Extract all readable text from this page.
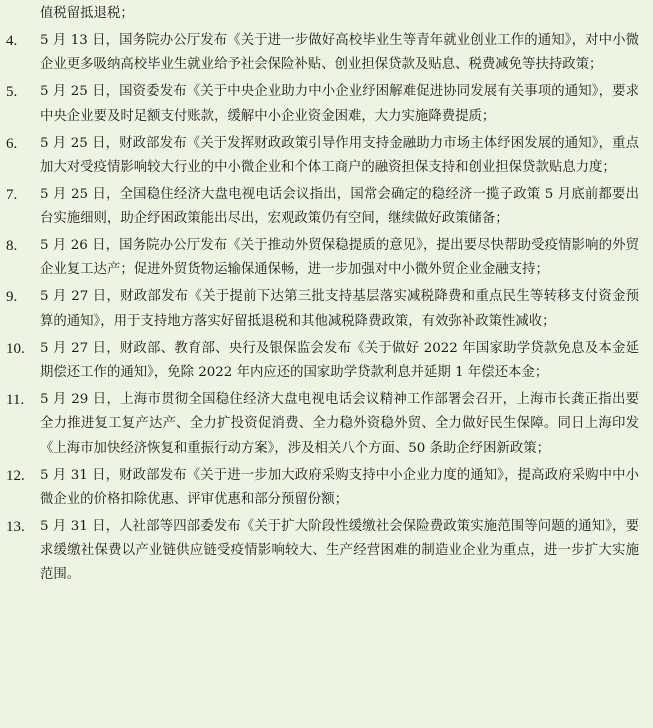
值税留抵退税；

4.	5 月 13 日，国务院办公厅发布《关于进一步做好高校毕业生等青年就业创业工作的通知》，对中小微企业更多吸纳高校毕业生就业给予社会保险补贴、创业担保贷款及贴息、税费减免等扶持政策；
5.	5 月 25 日，国资委发布《关于中央企业助力中小企业纾困解难促进协同发展有关事项的通知》，要求中央企业要及时足额支付账款，缓解中小企业资金困难，大力实施降费提质；
6.	5 月 25 日，财政部发布《关于发挥财政政策引导作用支持金融助力市场主体纾困发展的通知》，重点加大对受疫情影响较大行业的中小微企业和个体工商户的融资担保支持和创业担保贷款贴息力度；
7.	5 月 25 日，全国稳住经济大盘电视电话会议指出，国常会确定的稳经济一揽子政策 5 月底前都要出台实施细则，助企纾困政策能出尽出，宏观政策仍有空间，继续做好政策储备；
8.	5 月 26 日，国务院办公厅发布《关于推动外贸保稳提质的意见》，提出要尽快帮助受疫情影响的外贸企业复工达产；促进外贸货物运输保通保畅，进一步加强对中小微外贸企业金融支持；
9.	5 月 27 日，财政部发布《关于提前下达第三批支持基层落实减税降费和重点民生等转移支付资金预算的通知》，用于支持地方落实好留抵退税和其他减税降费政策，有效弥补政策性减收；
10.	5 月 27 日，财政部、教育部、央行及银保监会发布《关于做好 2022 年国家助学贷款免息及本金延期偿还工作的通知》，免除 2022 年内应还的国家助学贷款利息并延期 1 年偿还本金；
11.	5 月 29 日，上海市贯彻全国稳住经济大盘电视电话会议精神工作部署会召开，上海市长龚正指出要全力推进复工复产达产、全力扩投资促消费、全力稳外资稳外贸、全力做好民生保障。同日上海印发《上海市加快经济恢复和重振行动方案》，涉及相关八个方面、50 条助企纾困新政策；
12.	5 月 31 日，财政部发布《关于进一步加大政府采购支持中小企业力度的通知》，提高政府采购中中小微企业的价格扣除优惠、评审优惠和部分预留份额；
13.	5 月 31 日，人社部等四部委发布《关于扩大阶段性缓缴社会保险费政策实施范围等问题的通知》，要求缓缴社保费以产业链供应链受疫情影响较大、生产经营困难的制造业企业为重点，进一步扩大实施范围。
